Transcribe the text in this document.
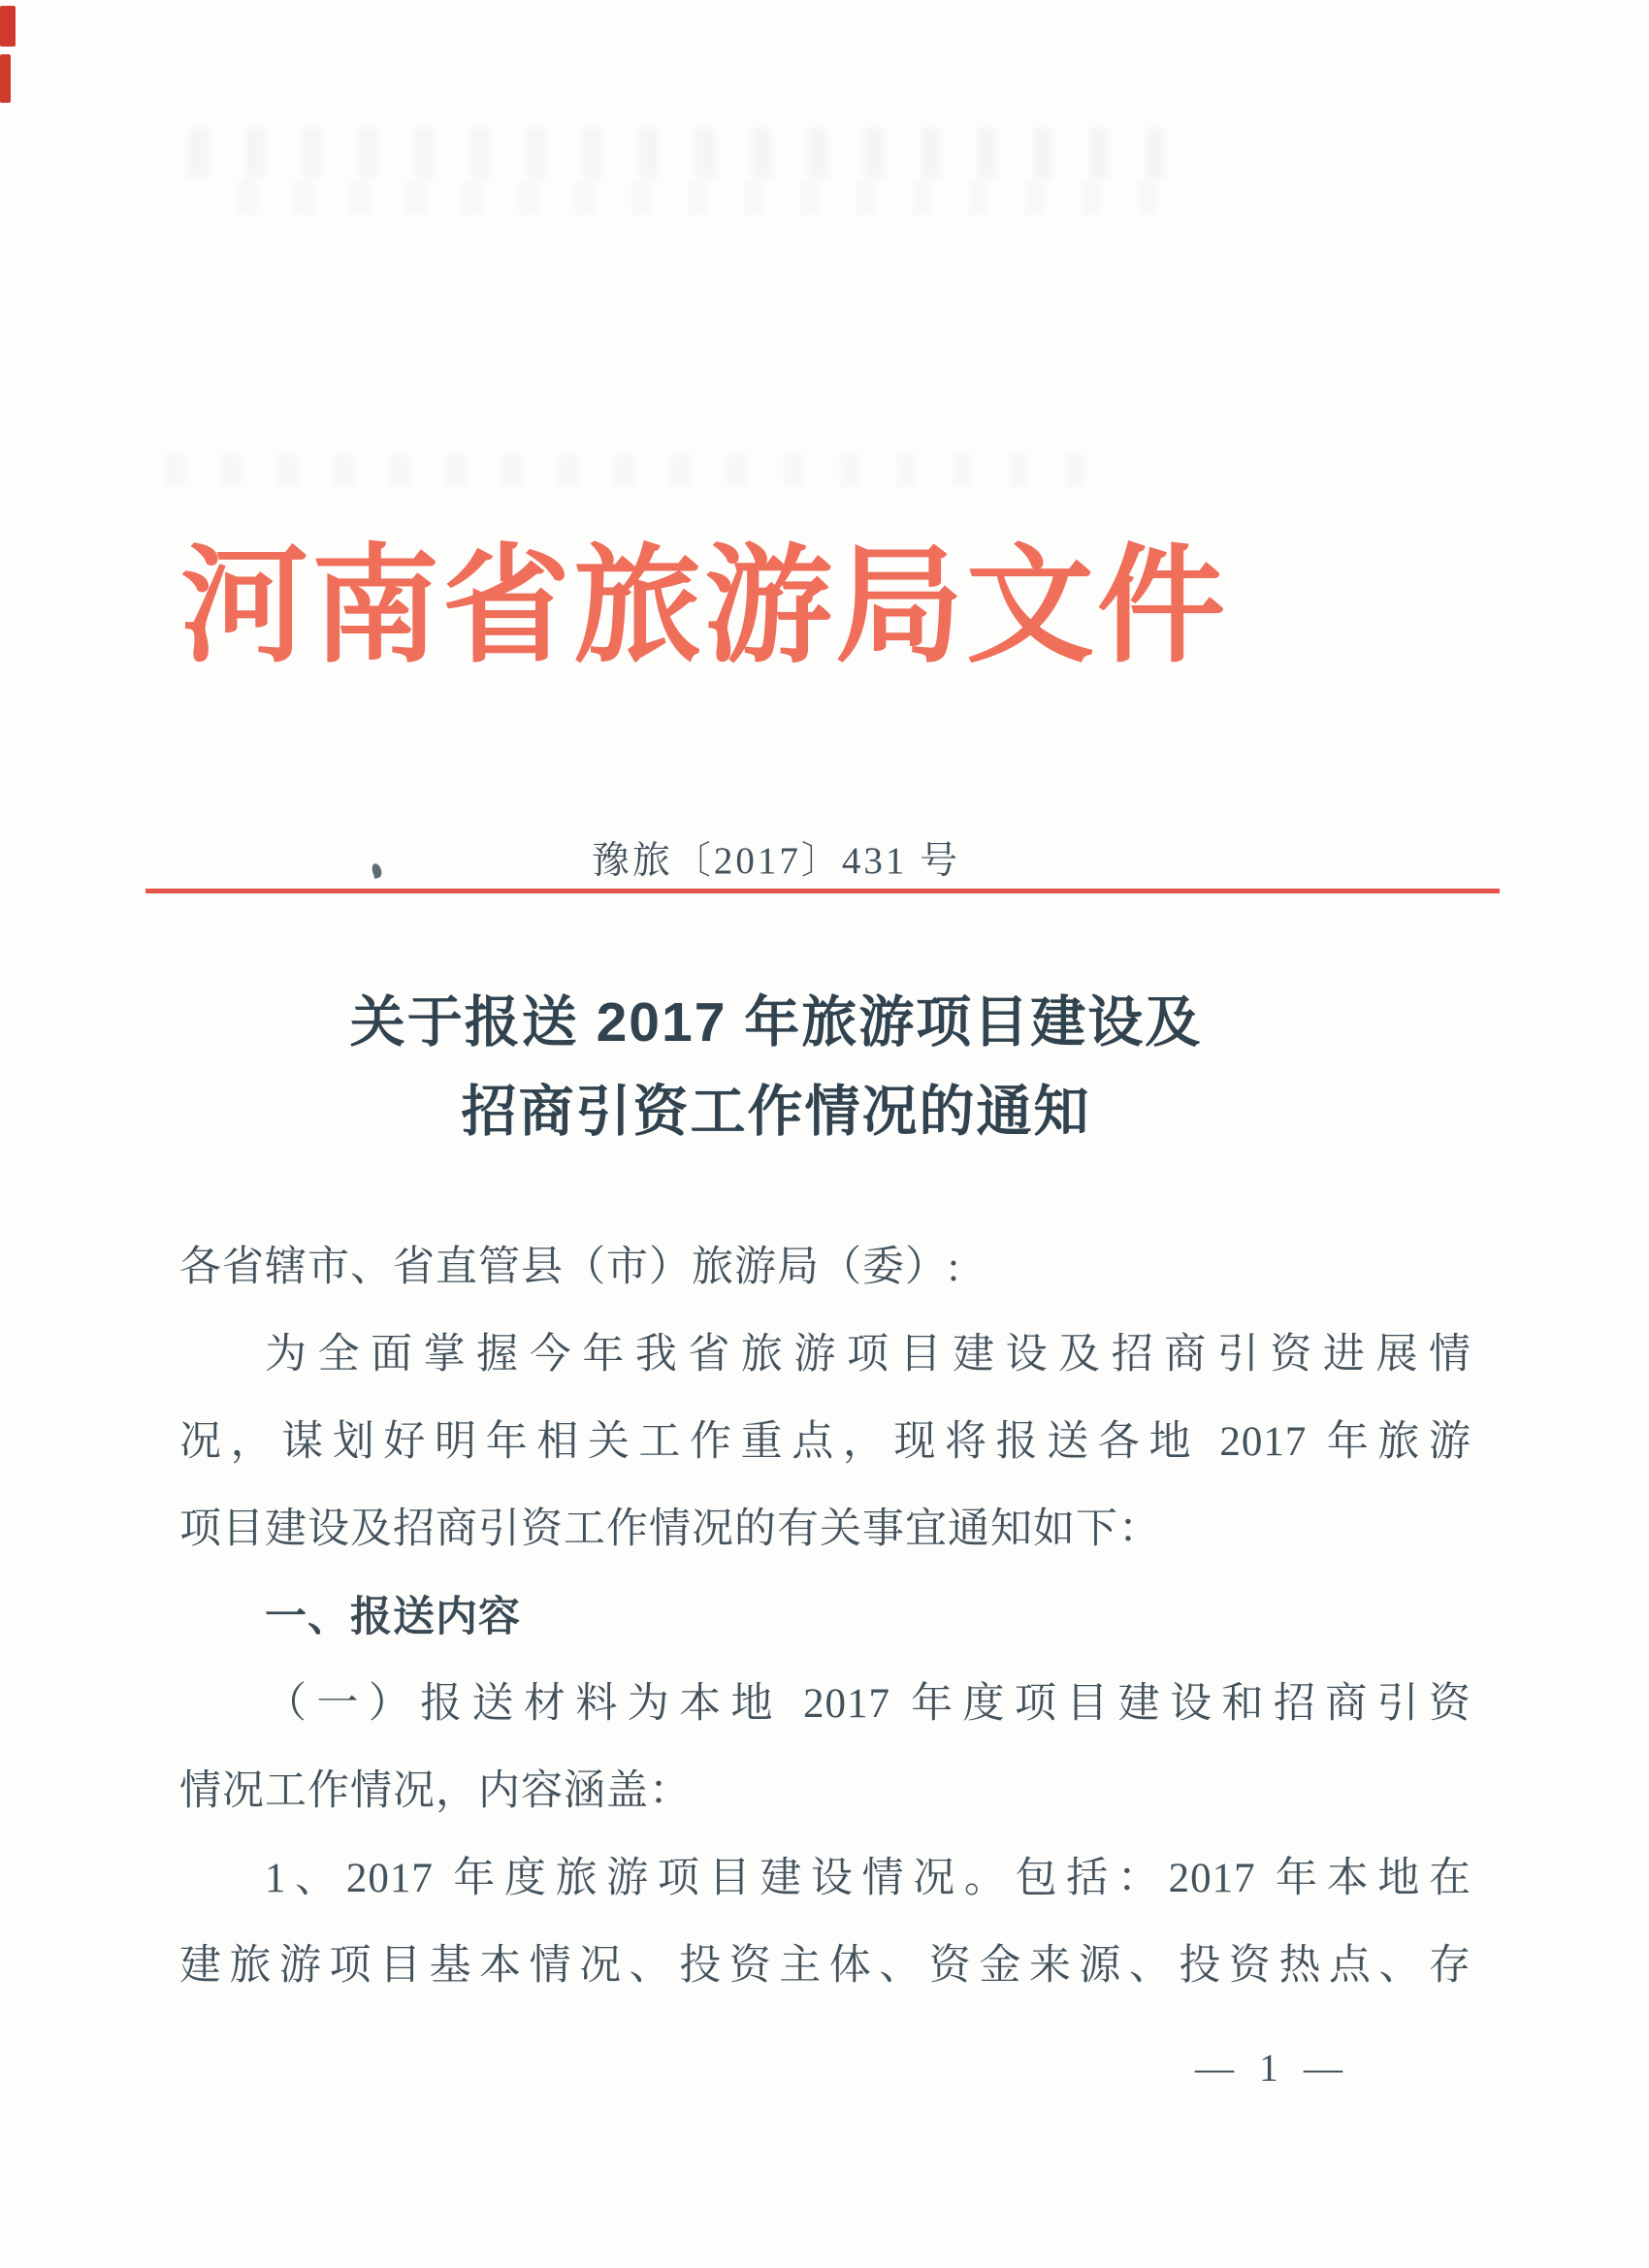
河南省旅游局文件
豫旅〔2017〕431 号
关于报送 2017 年旅游项目建设及
招商引资工作情况的通知
各省辖市、省直管县（市）旅游局（委）:
为全面掌握今年我省旅游项目建设及招商引资进展情
况，谋划好明年相关工作重点，现将报送各地 2017 年旅游
项目建设及招商引资工作情况的有关事宜通知如下：
一、报送内容
（一）报送材料为本地 2017 年度项目建设和招商引资
情况工作情况，内容涵盖：
1、2017 年度旅游项目建设情况。包括：2017 年本地在
建旅游项目基本情况、投资主体、资金来源、投资热点、存
— 1 —
